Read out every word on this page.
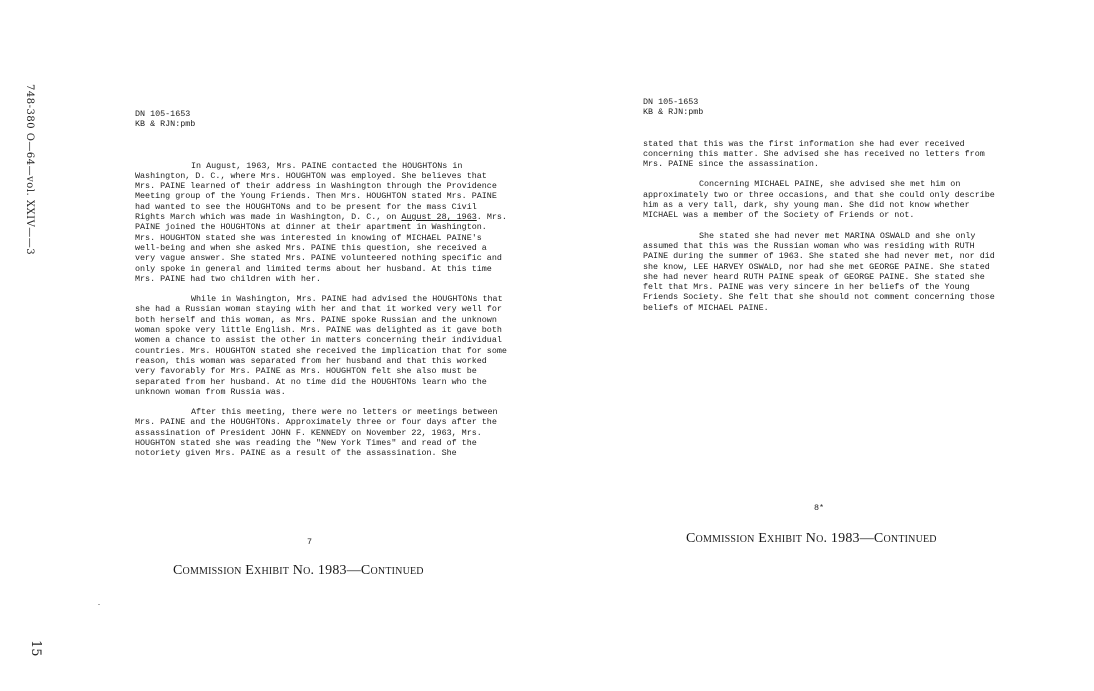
748-380 O—64—vol. XXIV——3
15
DN 105-1653
KB & RJN:pmb

In August, 1963, Mrs. PAINE contacted the HOUGHTONs in Washington, D. C., where Mrs. HOUGHTON was employed. She believes that Mrs. PAINE learned of their address in Washington through the Providence Meeting group of the Young Friends. Then Mrs. HOUGHTON stated Mrs. PAINE had wanted to see the HOUGHTONs and to be present for the mass Civil Rights March which was made in Washington, D. C., on August 28, 1963. Mrs. PAINE joined the HOUGHTONs at dinner at their apartment in Washington. Mrs. HOUGHTON stated she was interested in knowing of MICHAEL PAINE's well-being and when she asked Mrs. PAINE this question, she received a very vague answer. She stated Mrs. PAINE volunteered nothing specific and only spoke in general and limited terms about her husband. At this time Mrs. PAINE had two children with her.

While in Washington, Mrs. PAINE had advised the HOUGHTONs that she had a Russian woman staying with her and that it worked very well for both herself and this woman, as Mrs. PAINE spoke Russian and the unknown woman spoke very little English. Mrs. PAINE was delighted as it gave both women a chance to assist the other in matters concerning their individual countries. Mrs. HOUGHTON stated she received the implication that for some reason, this woman was separated from her husband and that this worked very favorably for Mrs. PAINE as Mrs. HOUGHTON felt she also must be separated from her husband. At no time did the HOUGHTONs learn who the unknown woman from Russia was.

After this meeting, there were no letters or meetings between Mrs. PAINE and the HOUGHTONs. Approximately three or four days after the assassination of President JOHN F. KENNEDY on November 22, 1963, Mrs. HOUGHTON stated she was reading the "New York Times" and read of the notoriety given Mrs. PAINE as a result of the assassination. She

7
Commission Exhibit No. 1983—Continued
DN 105-1653
KB & RJN:pmb

stated that this was the first information she had ever received concerning this matter. She advised she has received no letters from Mrs. PAINE since the assassination.

Concerning MICHAEL PAINE, she advised she met him on approximately two or three occasions, and that she could only describe him as a very tall, dark, shy young man. She did not know whether MICHAEL was a member of the Society of Friends or not.

She stated she had never met MARINA OSWALD and she only assumed that this was the Russian woman who was residing with RUTH PAINE during the summer of 1963. She stated she had never met, nor did she know, LEE HARVEY OSWALD, nor had she met GEORGE PAINE. She stated she had never heard RUTH PAINE speak of GEORGE PAINE. She stated she felt that Mrs. PAINE was very sincere in her beliefs of the Young Friends Society. She felt that she should not comment concerning those beliefs of MICHAEL PAINE.

8*
Commission Exhibit No. 1983—Continued
